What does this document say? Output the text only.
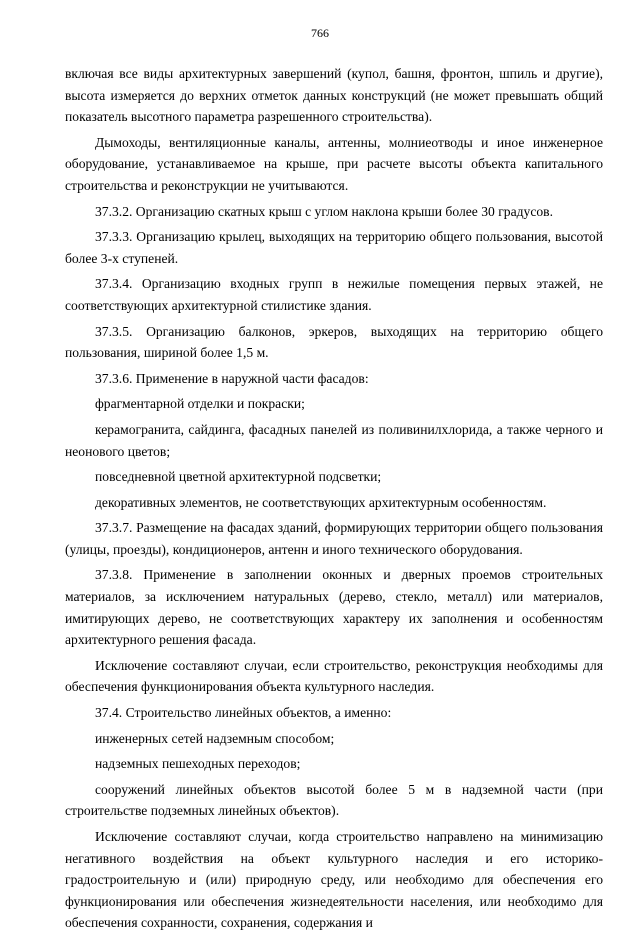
766

включая все виды архитектурных завершений (купол, башня, фронтон, шпиль и другие), высота измеряется до верхних отметок данных конструкций (не может превышать общий показатель высотного параметра разрешенного строительства).

Дымоходы, вентиляционные каналы, антенны, молниеотводы и иное инженерное оборудование, устанавливаемое на крыше, при расчете высоты объекта капитального строительства и реконструкции не учитываются.

37.3.2. Организацию скатных крыш с углом наклона крыши более 30 градусов.

37.3.3. Организацию крылец, выходящих на территорию общего пользования, высотой более 3-х ступеней.

37.3.4. Организацию входных групп в нежилые помещения первых этажей, не соответствующих архитектурной стилистике здания.

37.3.5. Организацию балконов, эркеров, выходящих на территорию общего пользования, шириной более 1,5 м.

37.3.6. Применение в наружной части фасадов:

фрагментарной отделки и покраски;

керамогранита, сайдинга, фасадных панелей из поливинилхлорида, а также черного и неонового цветов;

повседневной цветной архитектурной подсветки;

декоративных элементов, не соответствующих архитектурным особенностям.

37.3.7. Размещение на фасадах зданий, формирующих территории общего пользования (улицы, проезды), кондиционеров, антенн и иного технического оборудования.

37.3.8. Применение в заполнении оконных и дверных проемов строительных материалов, за исключением натуральных (дерево, стекло, металл) или материалов, имитирующих дерево, не соответствующих характеру их заполнения и особенностям архитектурного решения фасада.

Исключение составляют случаи, если строительство, реконструкция необходимы для обеспечения функционирования объекта культурного наследия.

37.4. Строительство линейных объектов, а именно:

инженерных сетей надземным способом;

надземных пешеходных переходов;

сооружений линейных объектов высотой более 5 м в надземной части (при строительстве подземных линейных объектов).

Исключение составляют случаи, когда строительство направлено на минимизацию негативного воздействия на объект культурного наследия и его историко-градостроительную и (или) природную среду, или необходимо для обеспечения его функционирования или обеспечения жизнедеятельности населения, или необходимо для обеспечения сохранности, сохранения, содержания и
